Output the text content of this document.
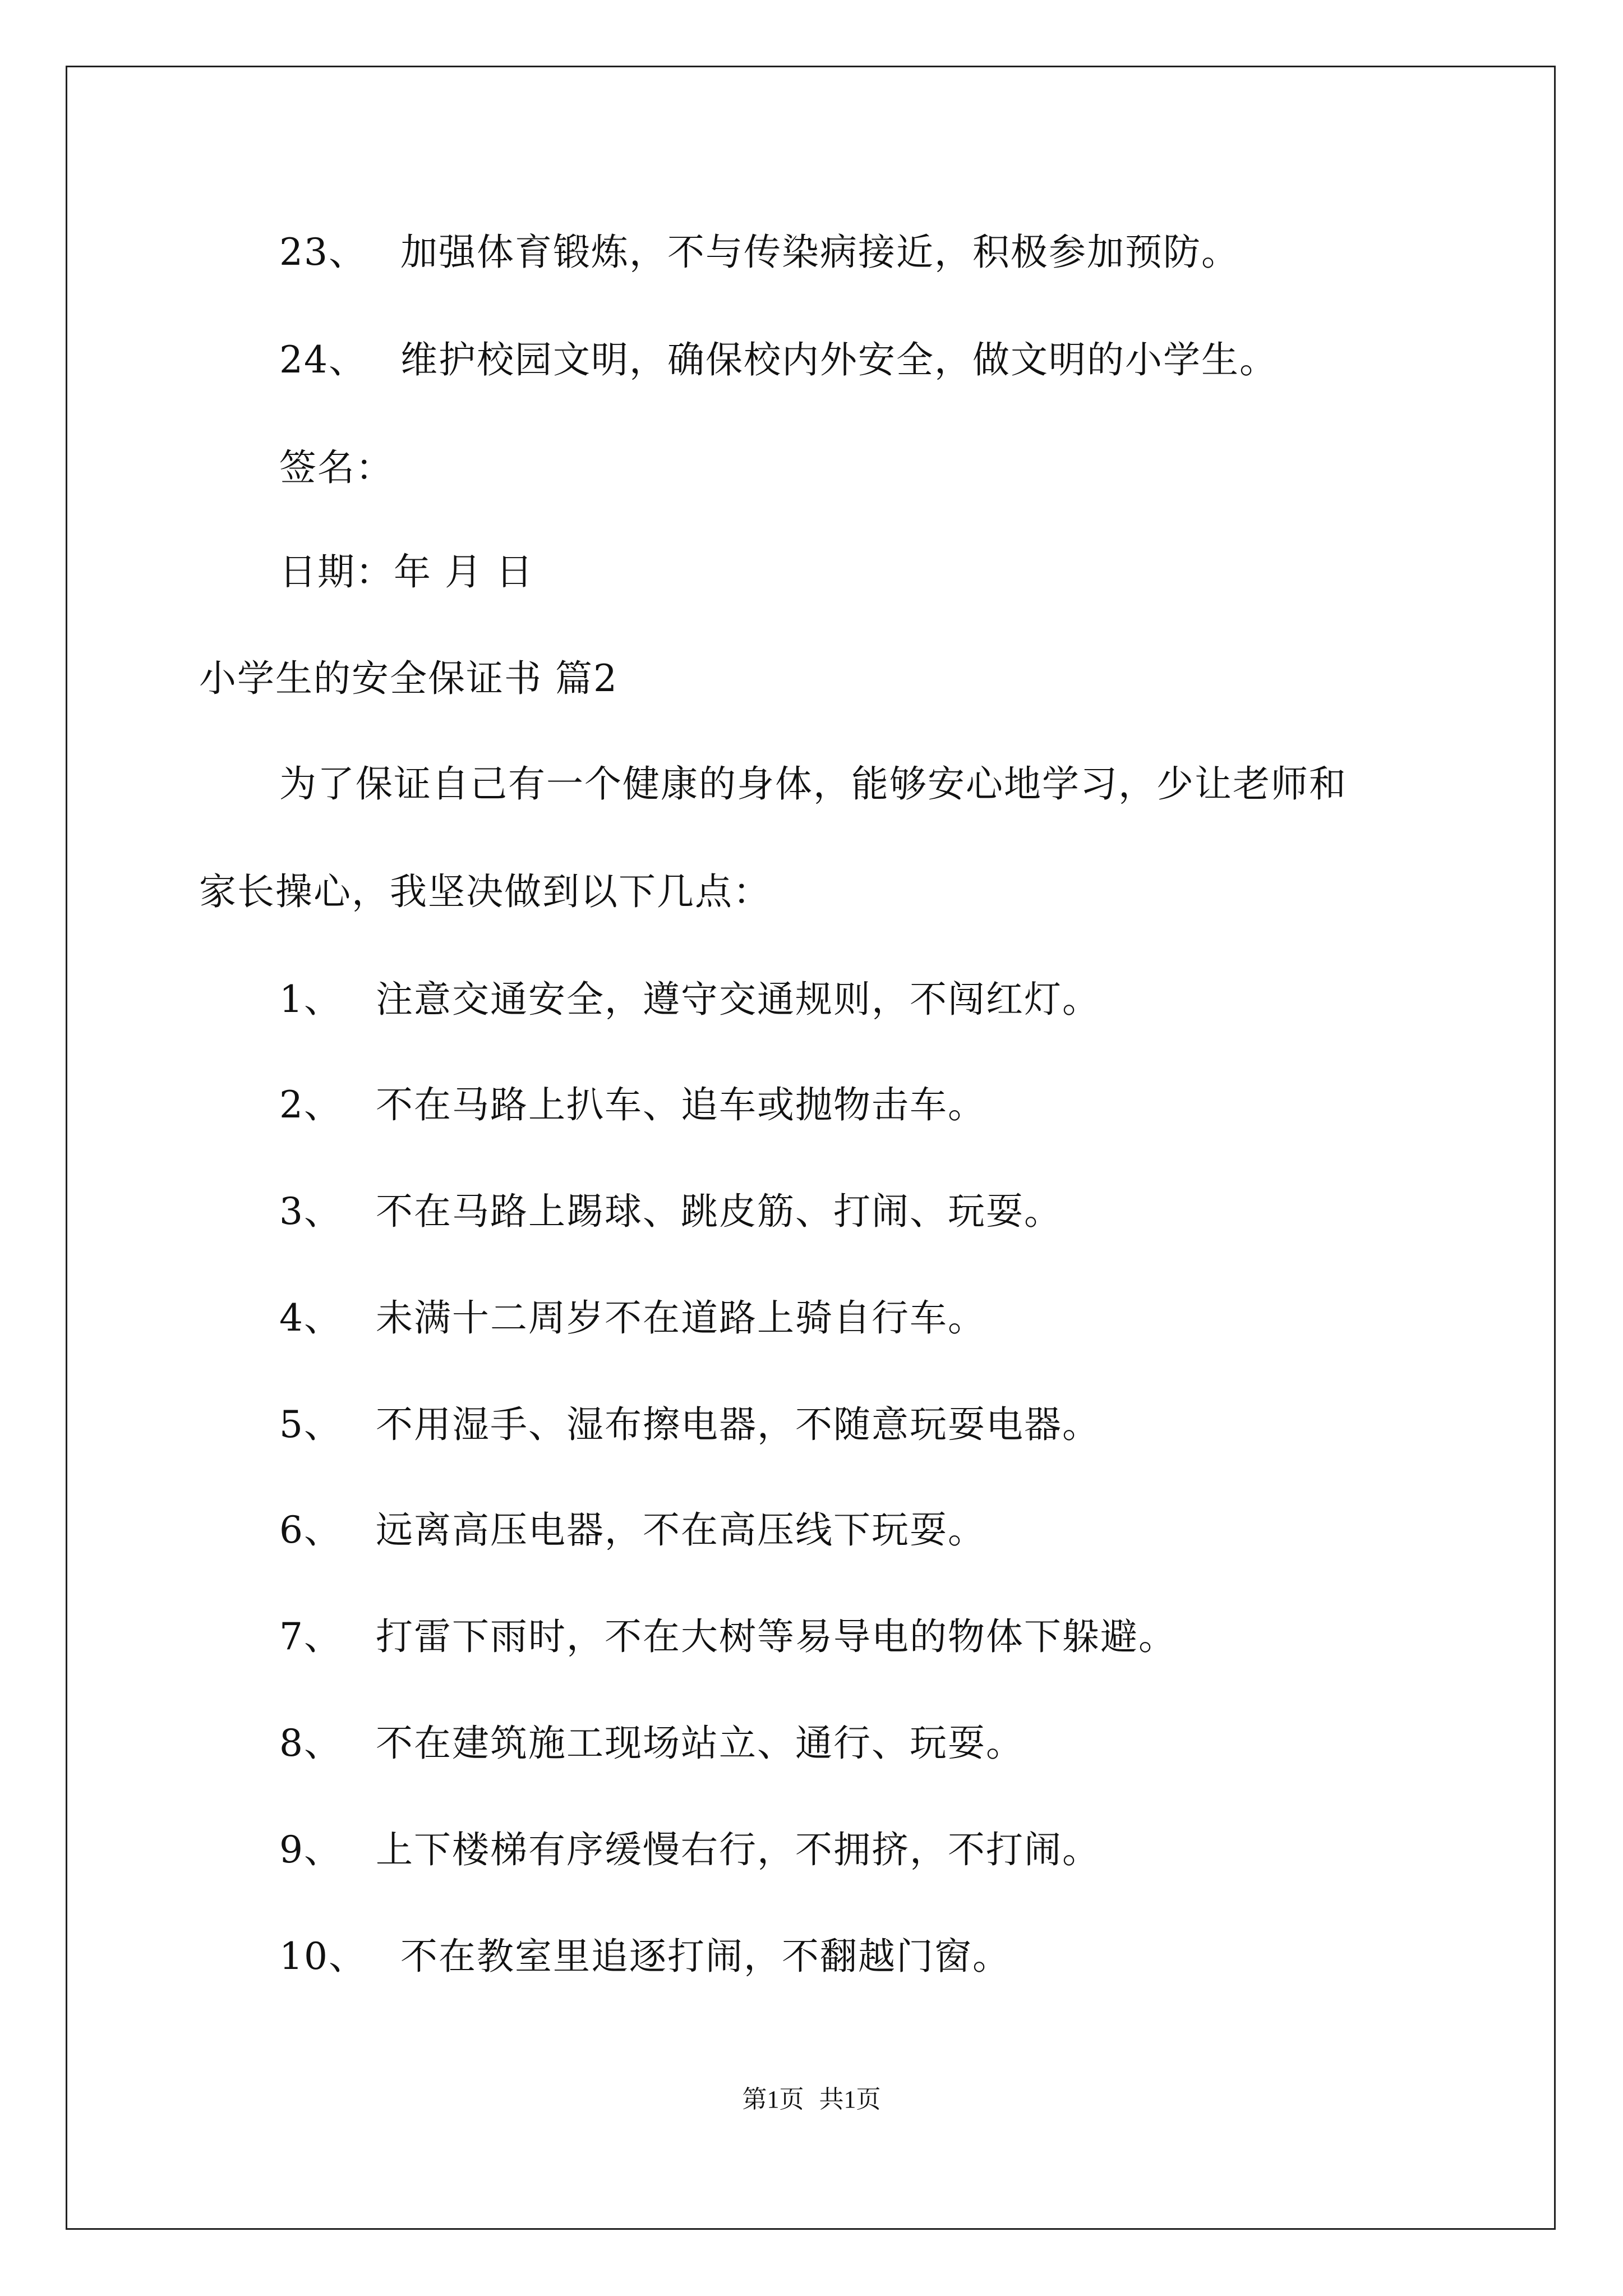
23、 加强体育锻炼，不与传染病接近，积极参加预防。
24、 维护校园文明，确保校内外安全，做文明的小学生。
签名：
日期：年 月 日
小学生的安全保证书 篇2
为了保证自己有一个健康的身体，能够安心地学习，少让老师和
家长操心，我坚决做到以下几点：
1、 注意交通安全，遵守交通规则，不闯红灯。
2、 不在马路上扒车、追车或抛物击车。
3、 不在马路上踢球、跳皮筋、打闹、玩耍。
4、 未满十二周岁不在道路上骑自行车。
5、 不用湿手、湿布擦电器，不随意玩耍电器。
6、 远离高压电器，不在高压线下玩耍。
7、 打雷下雨时，不在大树等易导电的物体下躲避。
8、 不在建筑施工现场站立、通行、玩耍。
9、 上下楼梯有序缓慢右行，不拥挤，不打闹。
10、 不在教室里追逐打闹，不翻越门窗。
第1页 共1页
